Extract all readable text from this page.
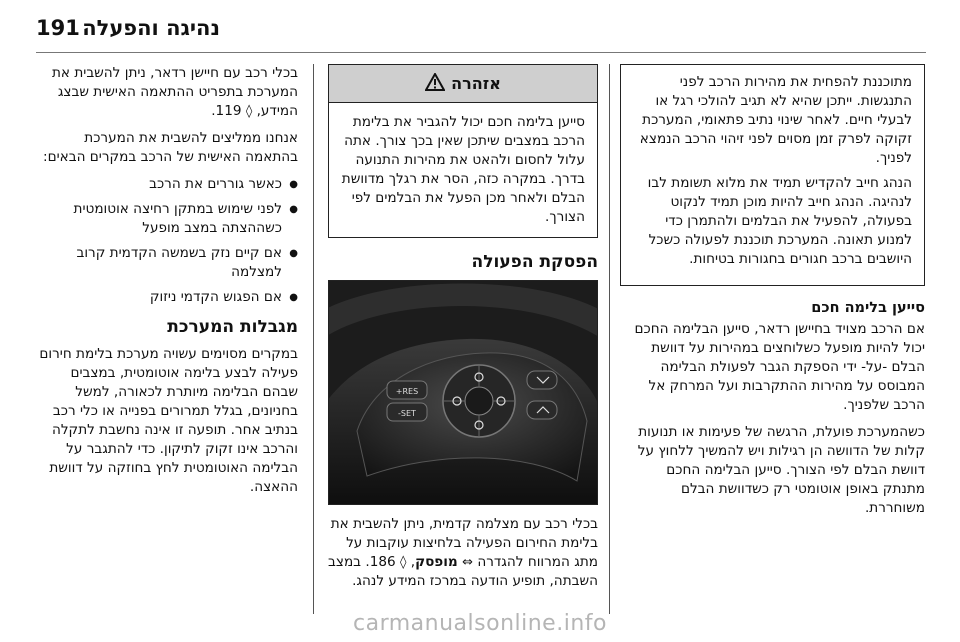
191 נהיגה והפעלה

מתוכננת להפחית את מהירות הרכב לפני התנגשות. ייתכן שהיא לא תגיב להולכי רגל או לבעלי חיים. לאחר שינוי נתיב פתאומי, המערכת זקוקה לפרק זמן מסוים לפני זיהוי הרכב הנמצא לפניך.

הנהג חייב להקדיש תמיד את מלוא תשומת לבו לנהיגה. הנהג חייב להיות מוכן תמיד לנקוט בפעולה, להפעיל את הבלמים ולהתמרן כדי למנוע תאונה. המערכת תוכננת לפעולה כשכל היושבים ברכב חגורים בחגורות בטיחות.

סייען בלימה חכם

אם הרכב מצויד בחיישן רדאר, סייען הבלימה החכם יכול להיות מופעל כשלוחצים במהירות על דוושת הבלם -על- ידי הספקת הגבר לפעולת הבלימה המבוסס על מהירות ההתקרבות ועל המרחק אל הרכב שלפניך.

כשהמערכת פועלת, הרגשה של פעימות או תנועות קלות של הדוושה הן רגילות ויש להמשיך ללחוץ על דוושת הבלם לפי הצורך. סייען הבלימה החכם מתנתק באופן אוטומטי רק כשדוושת הבלם משוחררת.

אזהרה

סייען בלימה חכם יכול להגביר את בלימת הרכב במצבים שיתכן שאין בכך צורך. אתה עלול לחסום ולהאט את מהירות התנועה בדרך. במקרה כזה, הסר את רגלך מדוושת הבלם ולאחר מכן הפעל את הבלמים לפי הצורך.

הפסקת הפעולה
RES+
SET-

בכלי רכב עם מצלמה קדמית, ניתן להשבית את בלימת החירום הפעילה בלחיצות עוקבות על מתג המרווח להגדרה ⇔ מופסק, ◊ 186. במצב השבתה, תופיע הודעה במרכז המידע לנהג.

בכלי רכב עם חיישן רדאר, ניתן להשבית את המערכת בתפריט ההתאמה האישית שבצג המידע, ◊ 119.

אנחנו ממליצים להשבית את המערכת בהתאמה האישית של הרכב במקרים הבאים:

● כאשר גוררים את הרכב
● לפני שימוש במתקן רחיצה אוטומטית כשההצתה במצב מופעל
● אם קיים נזק בשמשה הקדמית קרוב למצלמה
● אם הפגוש הקדמי ניזוק
מגבלות המערכת

במקרים מסוימים עשויה מערכת בלימת חירום פעילה לבצע בלימה אוטומטית, במצבים שבהם הבלימה מיותרת לכאורה, למשל בחניונים, בגלל תמרורים בפנייה או כלי רכב בנתיב אחר. תופעה זו אינה נחשבת לתקלה והרכב אינו זקוק לתיקון. כדי להתגבר על הבלימה האוטומטית לחץ בחוזקה על דוושת ההאצה.

carmanualsonline.info
